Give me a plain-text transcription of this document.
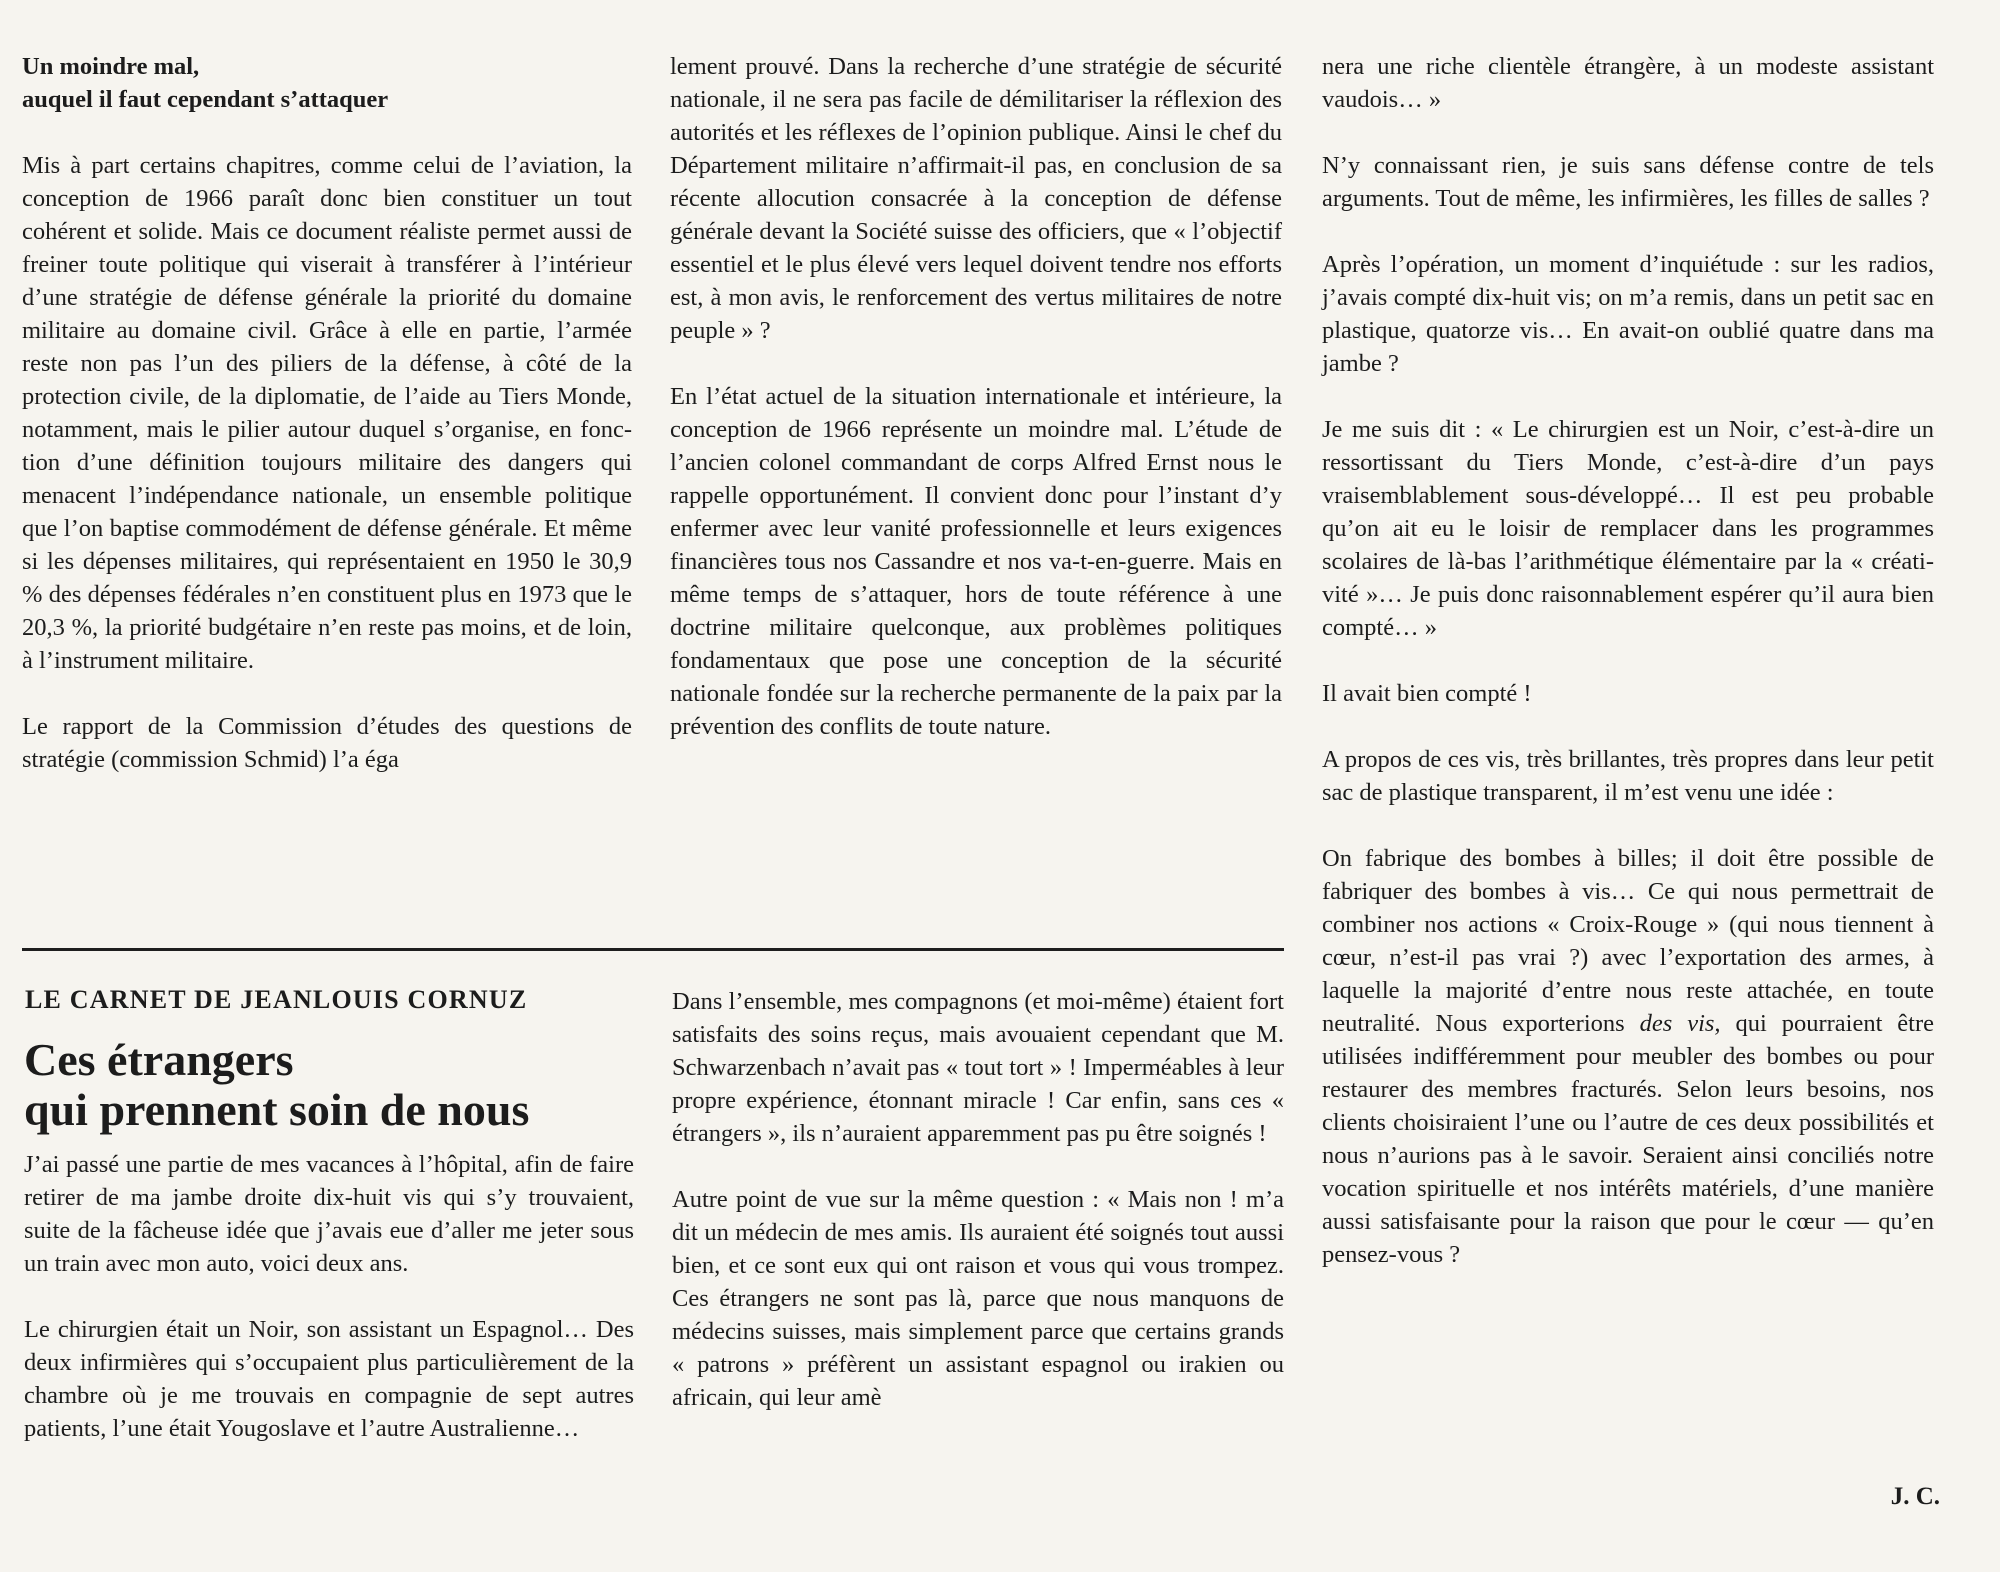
Un moindre mal,
auquel il faut cependant s’attaquer

Mis à part certains chapitres, comme celui de l’aviation, la conception de 1966 paraît donc bien constituer un tout cohérent et solide. Mais ce document réaliste permet aussi de freiner toute politique qui viserait à transférer à l’intérieur d’une stratégie de défense générale la priorité du domaine militaire au domaine civil. Grâce à elle en partie, l’armée reste non pas l’un des piliers de la défense, à côté de la protection civile, de la diplomatie, de l’aide au Tiers Monde, notamment, mais le pilier autour duquel s’organise, en fonction d’une définition toujours militaire des dangers qui menacent l’indépendance nationale, un ensemble politique que l’on baptise commodément de défense générale. Et même si les dépenses militaires, qui représentaient en 1950 le 30,9 % des dépenses fédérales n’en constituent plus en 1973 que le 20,3 %, la priorité budgétaire n’en reste pas moins, et de loin, à l’instrument militaire.

Le rapport de la Commission d’études des questions de stratégie (commission Schmid) l’a éga

lement prouvé. Dans la recherche d’une stratégie de sécurité nationale, il ne sera pas facile de démilitariser la réflexion des autorités et les réflexes de l’opinion publique. Ainsi le chef du Département militaire n’affirmait-il pas, en conclusion de sa récente allocution consacrée à la conception de défense générale devant la Société suisse des officiers, que « l’objectif essentiel et le plus élevé vers lequel doivent tendre nos efforts est, à mon avis, le renforcement des vertus militaires de notre peuple » ?

En l’état actuel de la situation internationale et intérieure, la conception de 1966 représente un moindre mal. L’étude de l’ancien colonel commandant de corps Alfred Ernst nous le rappelle opportunément. Il convient donc pour l’instant d’y enfermer avec leur vanité professionnelle et leurs exigences financières tous nos Cassandre et nos va-t-en-guerre. Mais en même temps de s’attaquer, hors de toute référence à une doctrine militaire quelconque, aux problèmes politiques fondamentaux que pose une conception de la sécurité nationale fondée sur la recherche permanente de la paix par la prévention des conflits de toute nature.

LE CARNET DE JEANLOUIS CORNUZ
Ces étrangers
qui prennent soin de nous

J’ai passé une partie de mes vacances à l’hôpital, afin de faire retirer de ma jambe droite dix-huit vis qui s’y trouvaient, suite de la fâcheuse idée que j’avais eue d’aller me jeter sous un train avec mon auto, voici deux ans.

Le chirurgien était un Noir, son assistant un Espagnol… Des deux infirmières qui s’occupaient plus particulièrement de la chambre où je me trouvais en compagnie de sept autres patients, l’une était Yougoslave et l’autre Australienne…

Dans l’ensemble, mes compagnons (et moi-même) étaient fort satisfaits des soins reçus, mais avouaient cependant que M. Schwarzenbach n’avait pas « tout tort » ! Imperméables à leur propre expérience, étonnant miracle ! Car enfin, sans ces « étrangers », ils n’auraient apparemment pas pu être soignés !

Autre point de vue sur la même question : « Mais non ! m’a dit un médecin de mes amis. Ils auraient été soignés tout aussi bien, et ce sont eux qui ont raison et vous qui vous trompez. Ces étrangers ne sont pas là, parce que nous manquons de médecins suisses, mais simplement parce que certains grands « patrons » préfèrent un assistant espagnol ou irakien ou africain, qui leur amè

nera une riche clientèle étrangère, à un modeste assistant vaudois… »

N’y connaissant rien, je suis sans défense contre de tels arguments. Tout de même, les infirmières, les filles de salles ?

Après l’opération, un moment d’inquiétude : sur les radios, j’avais compté dix-huit vis; on m’a remis, dans un petit sac en plastique, quatorze vis… En avait-on oublié quatre dans ma jambe ?

Je me suis dit : « Le chirurgien est un Noir, c’est-à-dire un ressortissant du Tiers Monde, c’est-à-dire d’un pays vraisemblablement sous-développé… Il est peu probable qu’on ait eu le loisir de remplacer dans les programmes scolaires de là-bas l’arithmétique élémentaire par la « créativité »… Je puis donc raisonnablement espérer qu’il aura bien compté… »

Il avait bien compté !

A propos de ces vis, très brillantes, très propres dans leur petit sac de plastique transparent, il m’est venu une idée :

On fabrique des bombes à billes; il doit être possible de fabriquer des bombes à vis… Ce qui nous permettrait de combiner nos actions « Croix-Rouge » (qui nous tiennent à cœur, n’est-il pas vrai ?) avec l’exportation des armes, à laquelle la majorité d’entre nous reste attachée, en toute neutralité. Nous exporterions des vis, qui pourraient être utilisées indifféremment pour meubler des bombes ou pour restaurer des membres fracturés. Selon leurs besoins, nos clients choisiraient l’une ou l’autre de ces deux possibilités et nous n’aurions pas à le savoir. Seraient ainsi conciliés notre vocation spirituelle et nos intérêts matériels, d’une manière aussi satisfaisante pour la raison que pour le cœur — qu’en pensez-vous ?

J. C.
